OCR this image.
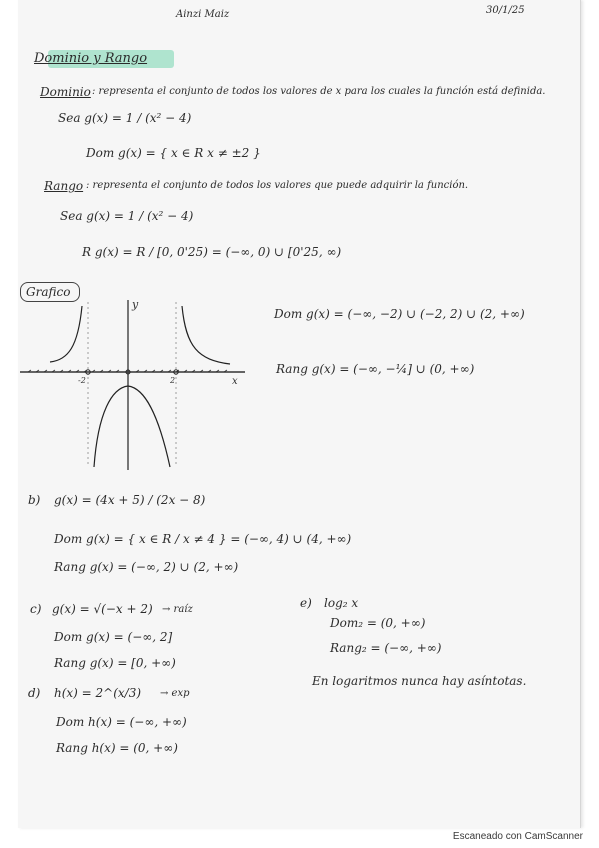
Ainzi Maiz	30/1/25
Dominio y Rango
Dominio : representa el conjunto de todos los valores de x para los cuales la función está definida.
Sea g(x) = 1 / (x² − 4)
Dom g(x) = { x ∈ R x ≠ ±2 }
Rango : representa el conjunto de todos los valores que puede adquirir la función.
Sea g(x) = 1 / (x² − 4)
R g(x) = R / [0, 0'25) = (−∞, 0) ∪ [0'25, ∞)
Grafico
Dom g(x) = (−∞, −2) ∪ (−2, 2) ∪ (2, +∞)
Rang g(x) = (−∞, −¼] ∪ (0, +∞)
b) g(x) = (4x + 5) / (2x − 8)
Dom g(x) = { x ∈ R / x ≠ 4 } = (−∞, 4) ∪ (4, +∞)
Rang g(x) = (−∞, 2) ∪ (2, +∞)
c) g(x) = √(−x + 2) → raíz
Dom g(x) = (−∞, 2]
Rang g(x) = [0, +∞)
d) h(x) = 2^(x/3) → exp
Dom h(x) = (−∞, +∞)
Rang h(x) = (0, +∞)
e) log₂ x
Dom₂ = (0, +∞)
Rang₂ = (−∞, +∞)
En logaritmos nunca hay asíntotas.
y
x
-2	2
Escaneado con CamScanner
